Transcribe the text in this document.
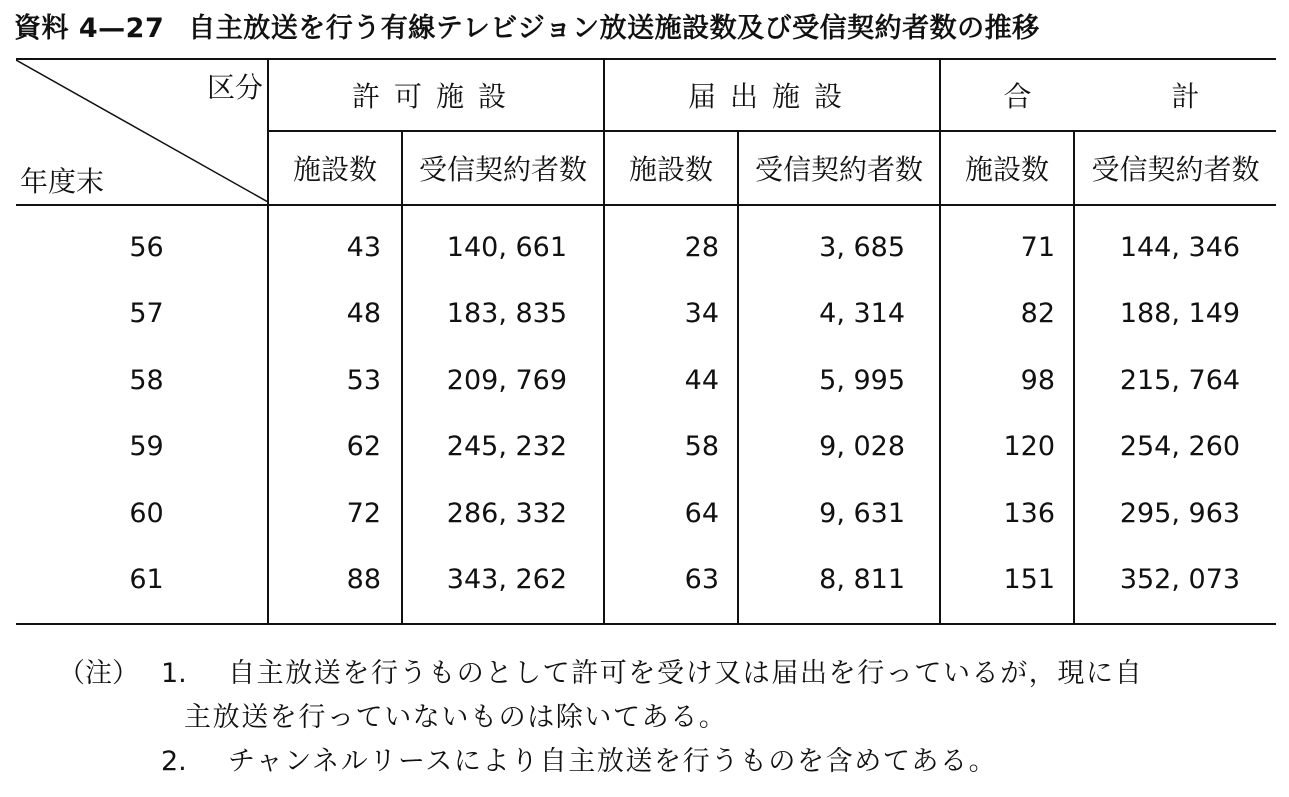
資料 4—27 自主放送を行う有線テレビジョン放送施設数及び受信契約者数の推移
区分
年度末	許可施設		届出施設		合　　　計	
	施設数	受信契約者数	施設数	受信契約者数	施設数	受信契約者数

56	43	140, 661	28	3, 685	71	144, 346
57	48	183, 835	34	4, 314	82	188, 149
58	53	209, 769	44	5, 995	98	215, 764
59	62	245, 232	58	9, 028	120	254, 260
60	72	286, 332	64	9, 631	136	295, 963
61	88	343, 262	63	8, 811	151	352, 073

（注） 1. 自主放送を行うものとして許可を受け又は届出を行っているが，現に自
主放送を行っていないものは除いてある。
2. チャンネルリースにより自主放送を行うものを含めてある。
